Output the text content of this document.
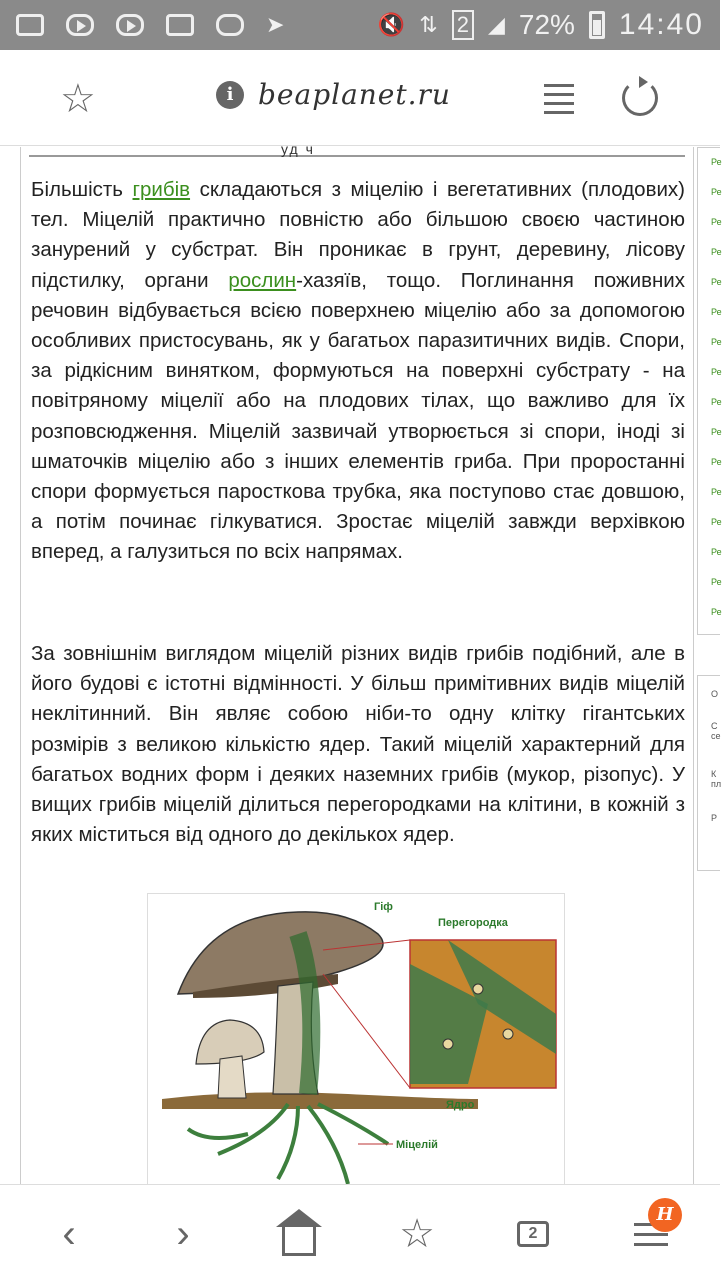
➤	🔇 ⇅ 2 ◢ 72% 14:40
☆	i beaplanet.ru
уд ч

Більшість грибів складаються з міцелію і вегетативних (плодових) тел. Міцелій практично повністю або більшою своєю частиною занурений у субстрат. Він проникає в грунт, деревину, лісову підстилку, органи рослин-хазяїв, тощо. Поглинання поживних речовин відбувається всією поверхнею міцелію або за допомогою особливих пристосувань, як у багатьох паразитичних видів. Спори, за рідкісним винятком, формуються на поверхні субстрату - на повітряному міцелії або на плодових тілах, що важливо для їх розповсюдження. Міцелій зазвичай утворюється зі спори, іноді зі шматочків міцелію або з інших елементів гриба. При проростанні спори формується паросткова трубка, яка поступово стає довшою, а потім починає гілкуватися. Зростає міцелій завжди верхівкою вперед, а галузиться по всіх напрямах.

За зовнішнім виглядом міцелій різних видів грибів подібний, але в його будові є істотні відмінності. У більш примітивних видів міцелій неклітинний. Він являє собою ніби-то одну клітку гігантських розмірів з великою кількістю ядер. Такий міцелій характерний для багатьох водних форм і деяких наземних грибів (мукор, різопус). У вищих грибів міцелій ділиться перегородками на клітини, в кожній з яких міститься від одного до декількох ядер.

Гіф
Перегородка
Ядро
Міцелій
Ре
Ре
Ре
Ре
Ре
Ре
Ре
Ре
Ре
Ре
Ре
Ре
Ре
Ре
Ре
Ре
О
С се
К пл
Р
‹	›	☆	2
H
